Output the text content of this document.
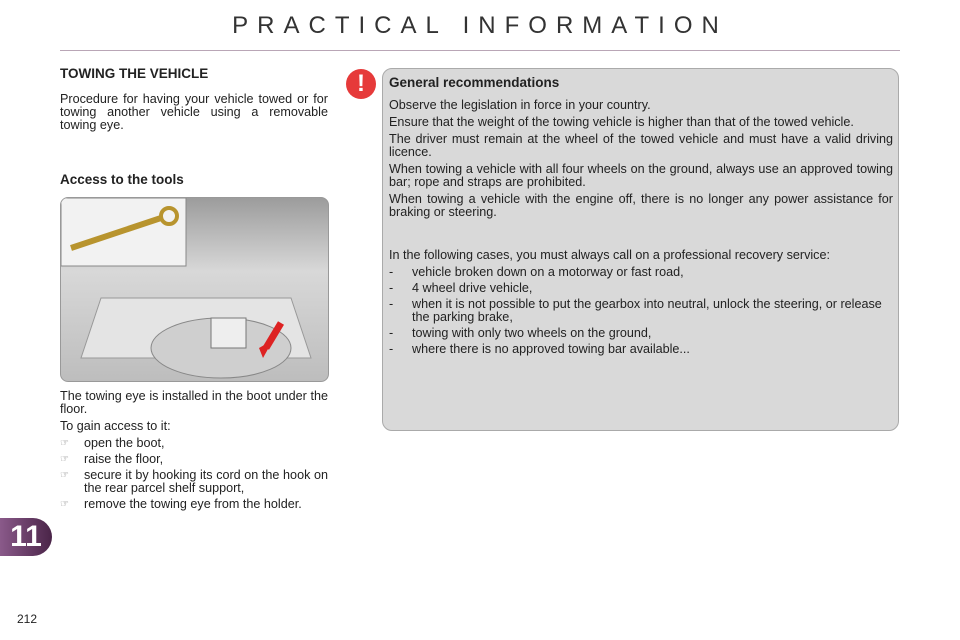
PRACTICAL INFORMATION
TOWING THE VEHICLE

Procedure for having your vehicle towed or for towing another vehicle using a removable towing eye.

Access to the tools

The towing eye is installed in the boot under the floor.

To gain access to it:

☞	open the boot,
☞	raise the floor,
☞	secure it by hooking its cord on the hook on the rear parcel shelf support,
☞	remove the towing eye from the holder.
!	General recommendations

Observe the legislation in force in your country.

Ensure that the weight of the towing vehicle is higher than that of the towed vehicle.

The driver must remain at the wheel of the towed vehicle and must have a valid driving licence.

When towing a vehicle with all four wheels on the ground, always use an approved towing bar; rope and straps are prohibited.

When towing a vehicle with the engine off, there is no longer any power assistance for braking or steering.

In the following cases, you must always call on a professional recovery service:

-	vehicle broken down on a motorway or fast road,
-	4 wheel drive vehicle,
-	when it is not possible to put the gearbox into neutral, unlock the steering, or release the parking brake,
-	towing with only two wheels on the ground,
-	where there is no approved towing bar available...
11
212
